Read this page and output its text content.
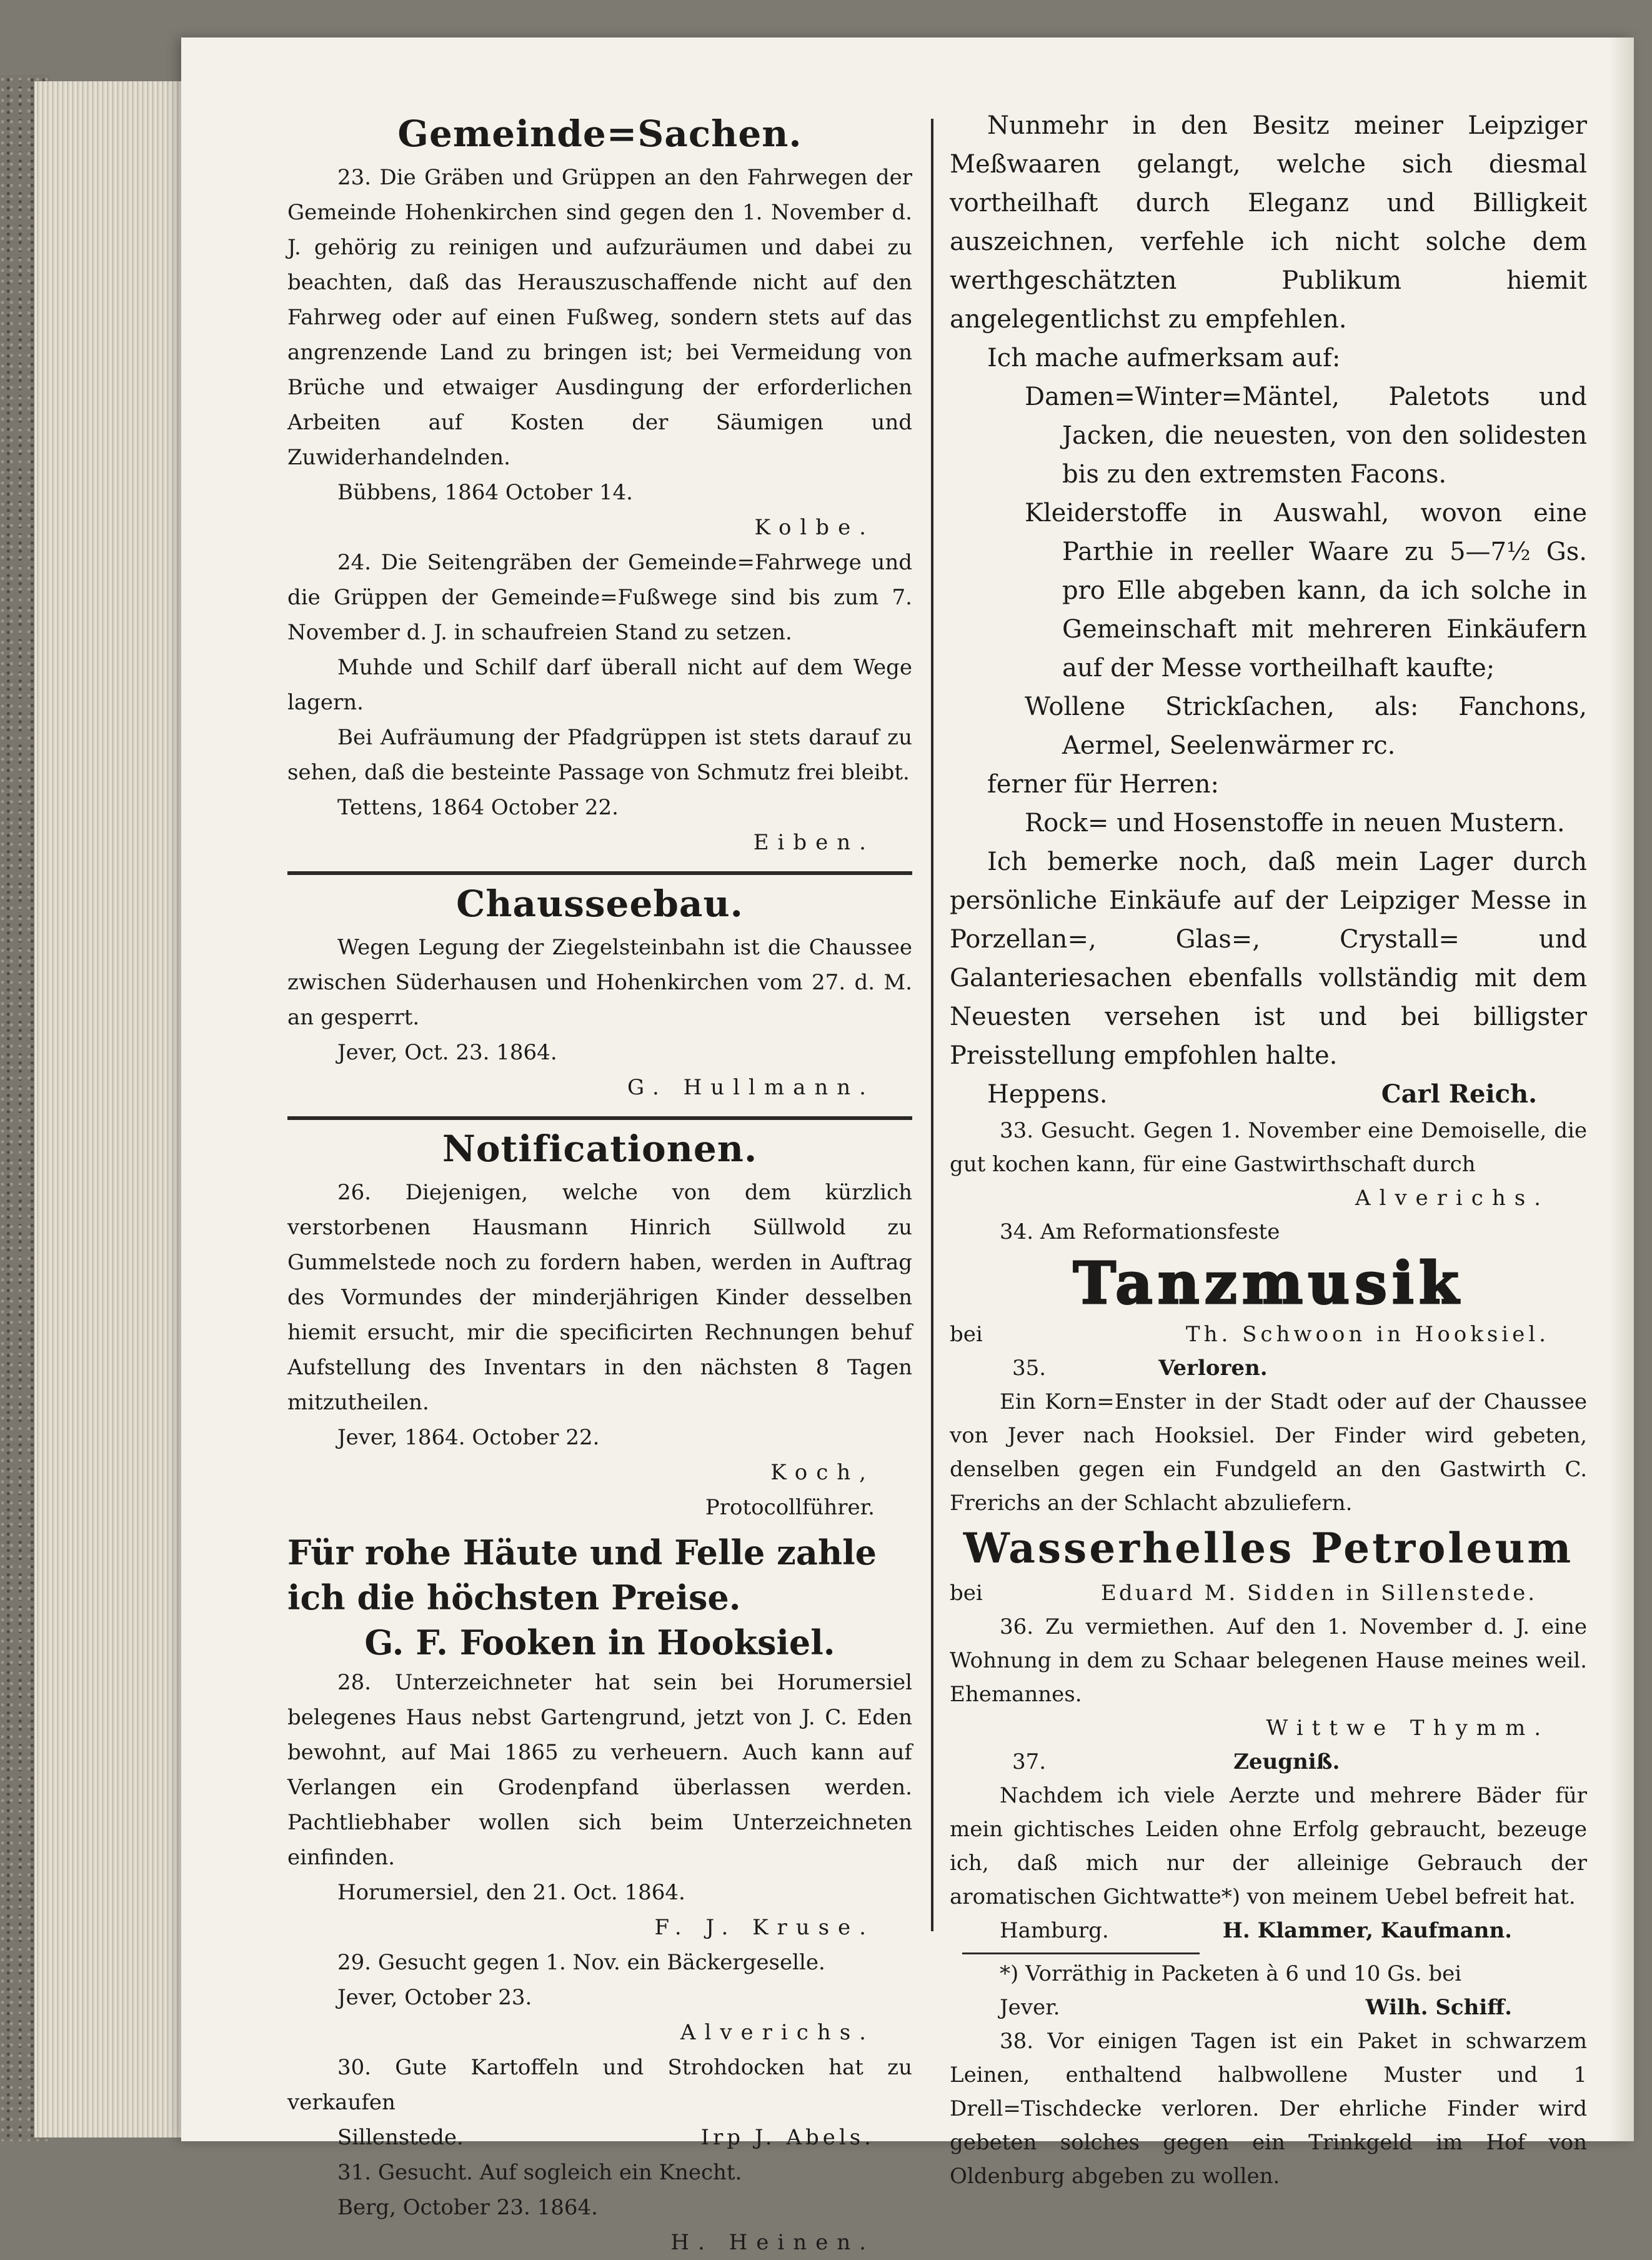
Gemeinde=Sachen.

23. Die Gräben und Grüppen an den Fahrwegen der Gemeinde Hohenkirchen sind gegen den 1. November d. J. gehörig zu reinigen und aufzuräumen und dabei zu beachten, daß das Herauszuschaffende nicht auf den Fahrweg oder auf einen Fußweg, sondern stets auf das angrenzende Land zu bringen ist; bei Vermeidung von Brüche und etwaiger Ausdingung der erforderlichen Arbeiten auf Kosten der Säumigen und Zuwiderhandelnden.

Bübbens, 1864 October 14.

Kolbe.

24. Die Seitengräben der Gemeinde=Fahrwege und die Grüppen der Gemeinde=Fußwege sind bis zum 7. November d. J. in schaufreien Stand zu setzen.

Muhde und Schilf darf überall nicht auf dem Wege lagern.

Bei Aufräumung der Pfadgrüppen ist stets darauf zu sehen, daß die besteinte Passage von Schmutz frei bleibt.

Tettens, 1864 October 22.

Eiben.

Chausseebau.

Wegen Legung der Ziegelsteinbahn ist die Chaussee zwischen Süderhausen und Hohenkirchen vom 27. d. M. an gesperrt.

Jever, Oct. 23. 1864.

G. Hullmann.

Notificationen.

26. Diejenigen, welche von dem kürzlich verstorbenen Hausmann Hinrich Süllwold zu Gummelstede noch zu fordern haben, werden in Auftrag des Vormundes der minderjährigen Kinder desselben hiemit ersucht, mir die specificirten Rechnungen behuf Aufstellung des Inventars in den nächsten 8 Tagen mitzutheilen.

Jever, 1864. October 22.

Koch,

Protocollführer.

Für rohe Häute und Felle zahle
ich die höchsten Preise.
G. F. Fooken in Hooksiel.

28. Unterzeichneter hat sein bei Horumersiel belegenes Haus nebst Gartengrund, jetzt von J. C. Eden bewohnt, auf Mai 1865 zu verheuern. Auch kann auf Verlangen ein Grodenpfand überlassen werden. Pachtliebhaber wollen sich beim Unterzeichneten einfinden.

Horumersiel, den 21. Oct. 1864.

F. J. Kruse.

29. Gesucht gegen 1. Nov. ein Bäckergeselle.

Jever, October 23.

Alverichs.

30. Gute Kartoffeln und Strohdocken hat zu verkaufen

Sillenstede.	Irp J. Abels.

31. Gesucht. Auf sogleich ein Knecht.

Berg, October 23. 1864.

H. Heinen.

Nunmehr in den Besitz meiner Leipziger Meßwaaren gelangt, welche sich diesmal vortheilhaft durch Eleganz und Billigkeit auszeichnen, verfehle ich nicht solche dem werthgeschätzten Publikum hiemit angelegentlichst zu empfehlen.

Ich mache aufmerksam auf:

Damen=Winter=Mäntel, Paletots und Jacken, die neuesten, von den solidesten bis zu den extremsten Facons.

Kleiderstoffe in Auswahl, wovon eine Parthie in reeller Waare zu 5—7½ Gs. pro Elle abgeben kann, da ich solche in Gemeinschaft mit mehreren Einkäufern auf der Messe vortheilhaft kaufte;

Wollene Strickſachen, als: Fanchons, Aermel, Seelenwärmer rc.

ferner für Herren:

Rock= und Hosenstoffe in neuen Mustern.

Ich bemerke noch, daß mein Lager durch persönliche Einkäufe auf der Leipziger Messe in Porzellan=, Glas=, Crystall= und Galanteriesachen ebenfalls vollständig mit dem Neuesten versehen ist und bei billigster Preisstellung empfohlen halte.

Heppens.	Carl Reich.

33. Gesucht. Gegen 1. November eine Demoiselle, die gut kochen kann, für eine Gastwirthschaft durch

Alverichs.

34. Am Reformationsfeste

Tanzmusik

bei	Th. Schwoon in Hooksiel.

35.	Verloren.

Ein Korn=Enster in der Stadt oder auf der Chaussee von Jever nach Hooksiel. Der Finder wird gebeten, denselben gegen ein Fundgeld an den Gastwirth C. Frerichs an der Schlacht abzuliefern.

Wasserhelles Petroleum

bei	Eduard M. Sidden in Sillenstede.

36. Zu vermiethen. Auf den 1. November d. J. eine Wohnung in dem zu Schaar belegenen Hause meines weil. Ehemannes.

Wittwe Thymm.

37.	Zeugniß.

Nachdem ich viele Aerzte und mehrere Bäder für mein gichtisches Leiden ohne Erfolg gebraucht, bezeuge ich, daß mich nur der alleinige Gebrauch der aromatischen Gichtwatte*) von meinem Uebel befreit hat.

Hamburg.	H. Klammer, Kaufmann.

*) Vorräthig in Packeten à 6 und 10 Gs. bei

Jever.	Wilh. Schiff.

38. Vor einigen Tagen ist ein Paket in schwarzem Leinen, enthaltend halbwollene Muster und 1 Drell=Tischdecke verloren. Der ehrliche Finder wird gebeten solches gegen ein Trinkgeld im Hof von Oldenburg abgeben zu wollen.
